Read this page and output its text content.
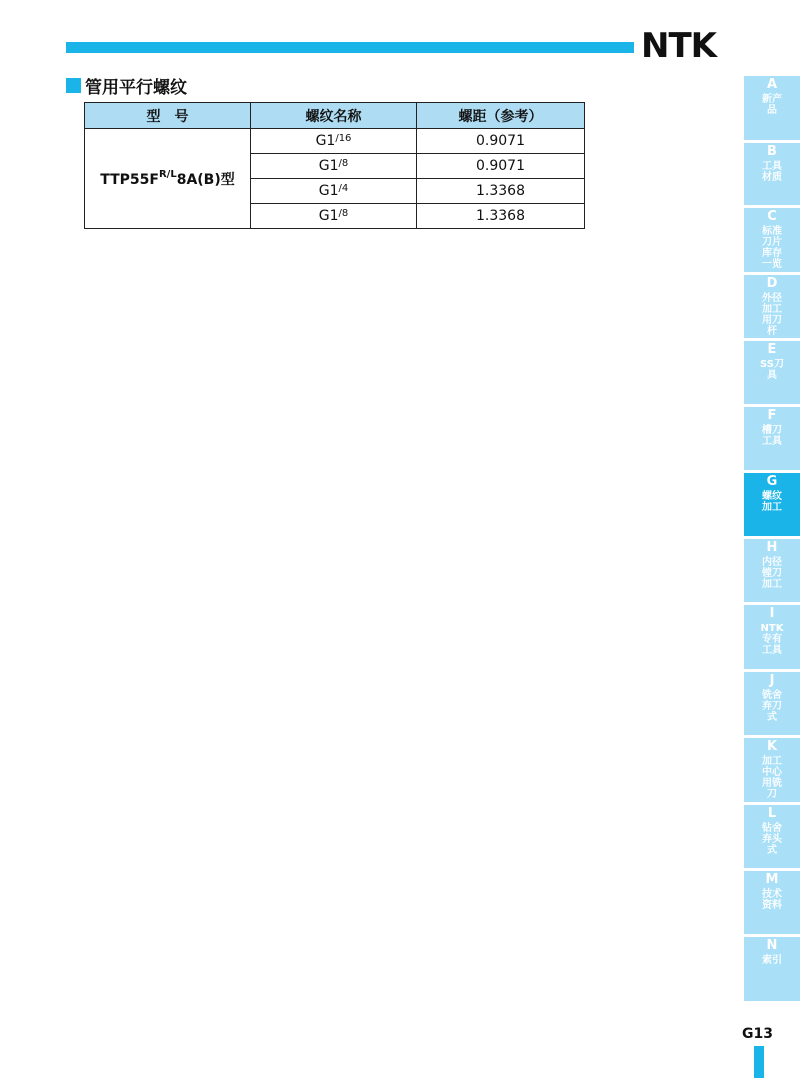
NTK
管用平行螺纹
型　号	螺纹名称	螺距（参考）
$TTP55F^{R/L}8A(B)$型	$G1^{/16}$	0.9071
	$G1^{/8}$	0.9071
	$G1^{/4}$	1.3368
	$G1^{/8}$	1.3368
A
新产品
B
工具材质
C
标准刀片库存一览
D
外径加工用刀杆
E
SS刀具
F
槽刀工具
G
螺纹加工
H
内径镗刀加工
I
NTK专有工具
J
铣舍弃刀式
K
加工中心用铣刀
L
钻舍弃头式
M
技术资料
N
索引
G13
